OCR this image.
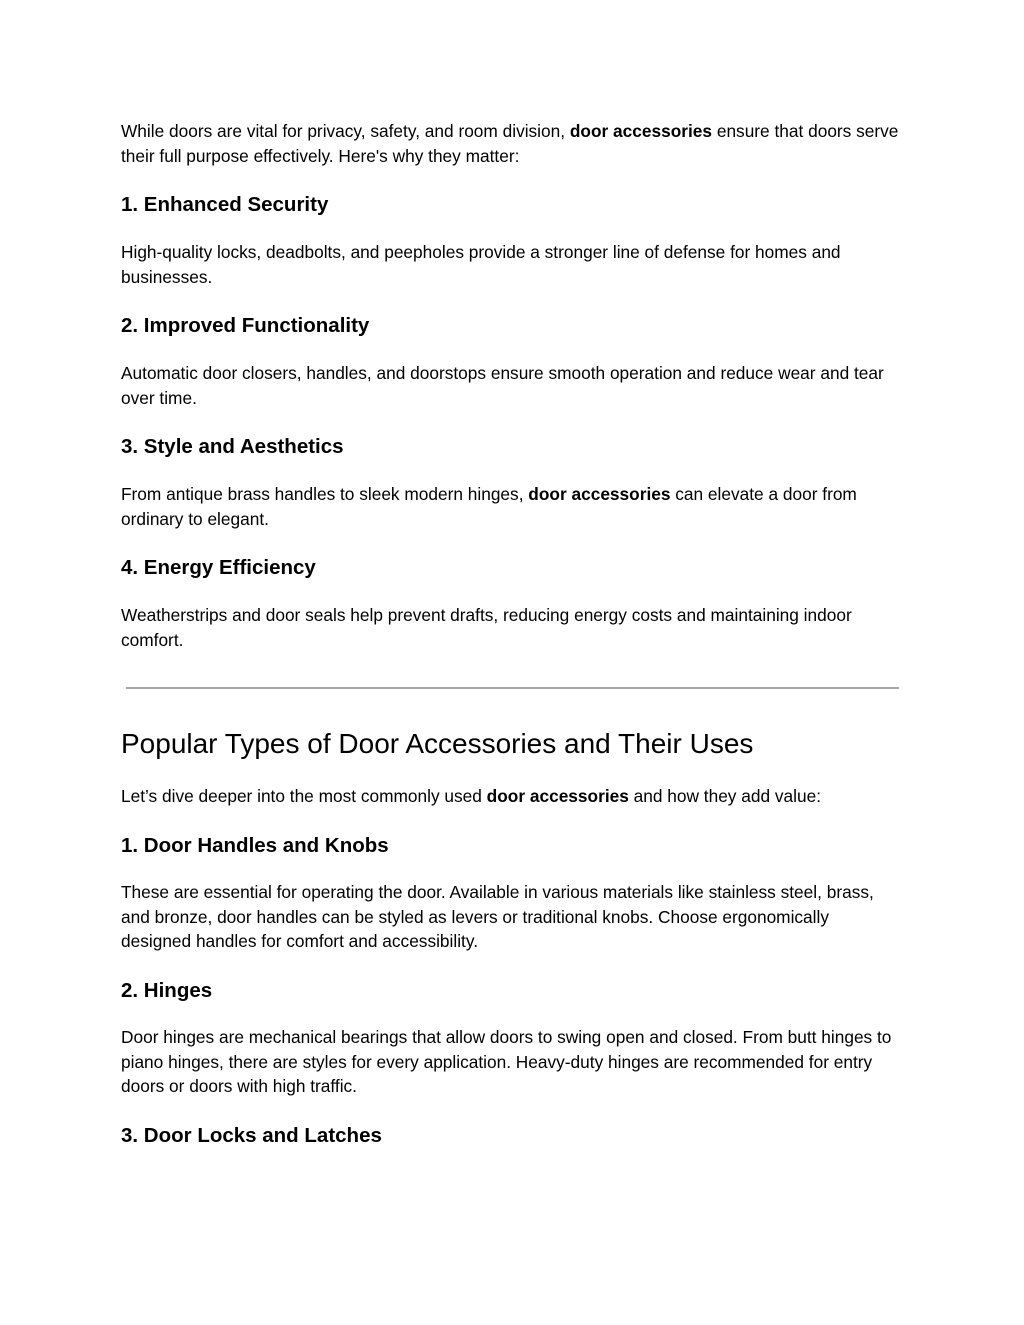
While doors are vital for privacy, safety, and room division, door accessories ensure that doors serve their full purpose effectively. Here's why they matter:

1. Enhanced Security

High-quality locks, deadbolts, and peepholes provide a stronger line of defense for homes and businesses.

2. Improved Functionality

Automatic door closers, handles, and doorstops ensure smooth operation and reduce wear and tear over time.

3. Style and Aesthetics

From antique brass handles to sleek modern hinges, door accessories can elevate a door from ordinary to elegant.

4. Energy Efficiency

Weatherstrips and door seals help prevent drafts, reducing energy costs and maintaining indoor comfort.

Popular Types of Door Accessories and Their Uses

Let’s dive deeper into the most commonly used door accessories and how they add value:

1. Door Handles and Knobs

These are essential for operating the door. Available in various materials like stainless steel, brass, and bronze, door handles can be styled as levers or traditional knobs. Choose ergonomically designed handles for comfort and accessibility.

2. Hinges

Door hinges are mechanical bearings that allow doors to swing open and closed. From butt hinges to piano hinges, there are styles for every application. Heavy-duty hinges are recommended for entry doors or doors with high traffic.

3. Door Locks and Latches
